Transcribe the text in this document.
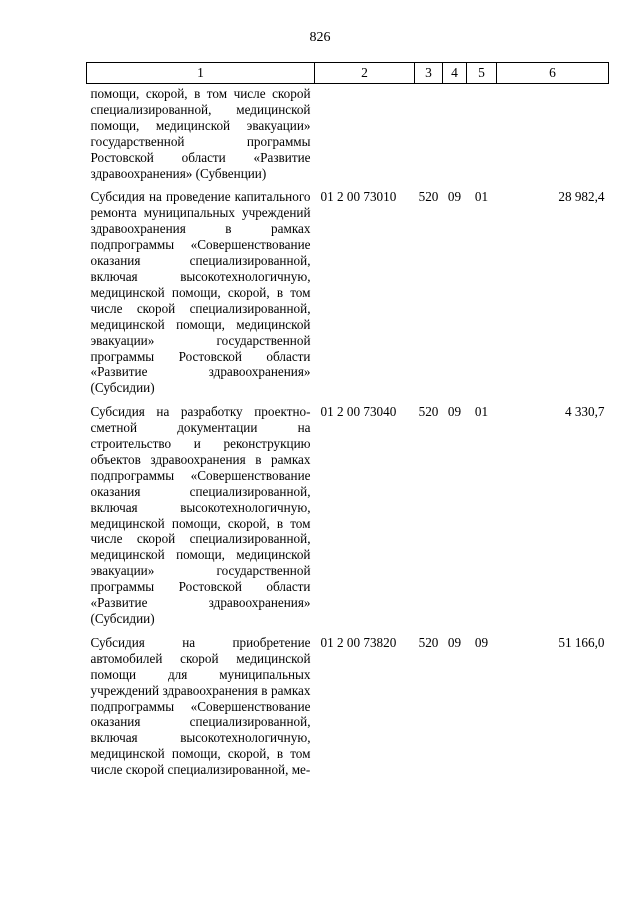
826
1	2	3	4	5	6
помощи, скорой, в том числе скорой специализированной, медицинской помощи, медицинской эвакуации» государственной программы Ростовской области «Развитие здравоохранения» (Субвенции)					
Субсидия на проведение капитального ремонта муниципальных учреждений здравоохранения в рамках подпрограммы «Совершенствование оказания специализированной, включая высокотехнологичную, медицинской помощи, скорой, в том числе скорой специализированной, медицинской помощи, медицинской эвакуации» государственной программы Ростовской области «Развитие здравоохранения» (Субсидии)	01 2 00 73010	520	09	01	28 982,4
Субсидия на разработку проектно-сметной документации на строительство и реконструкцию объектов здравоохранения в рамках подпрограммы «Совершенствование оказания специализированной, включая высокотехнологичную, медицинской помощи, скорой, в том числе скорой специализированной, медицинской помощи, медицинской эвакуации» государственной программы Ростовской области «Развитие здравоохранения» (Субсидии)	01 2 00 73040	520	09	01	4 330,7
Субсидия на приобретение автомобилей скорой медицинской помощи для муниципальных учреждений здравоохранения в рамках подпрограммы «Совершенствование оказания специализированной, включая высокотехнологичную, медицинской помощи, скорой, в том числе скорой специализированной, ме-	01 2 00 73820	520	09	09	51 166,0
